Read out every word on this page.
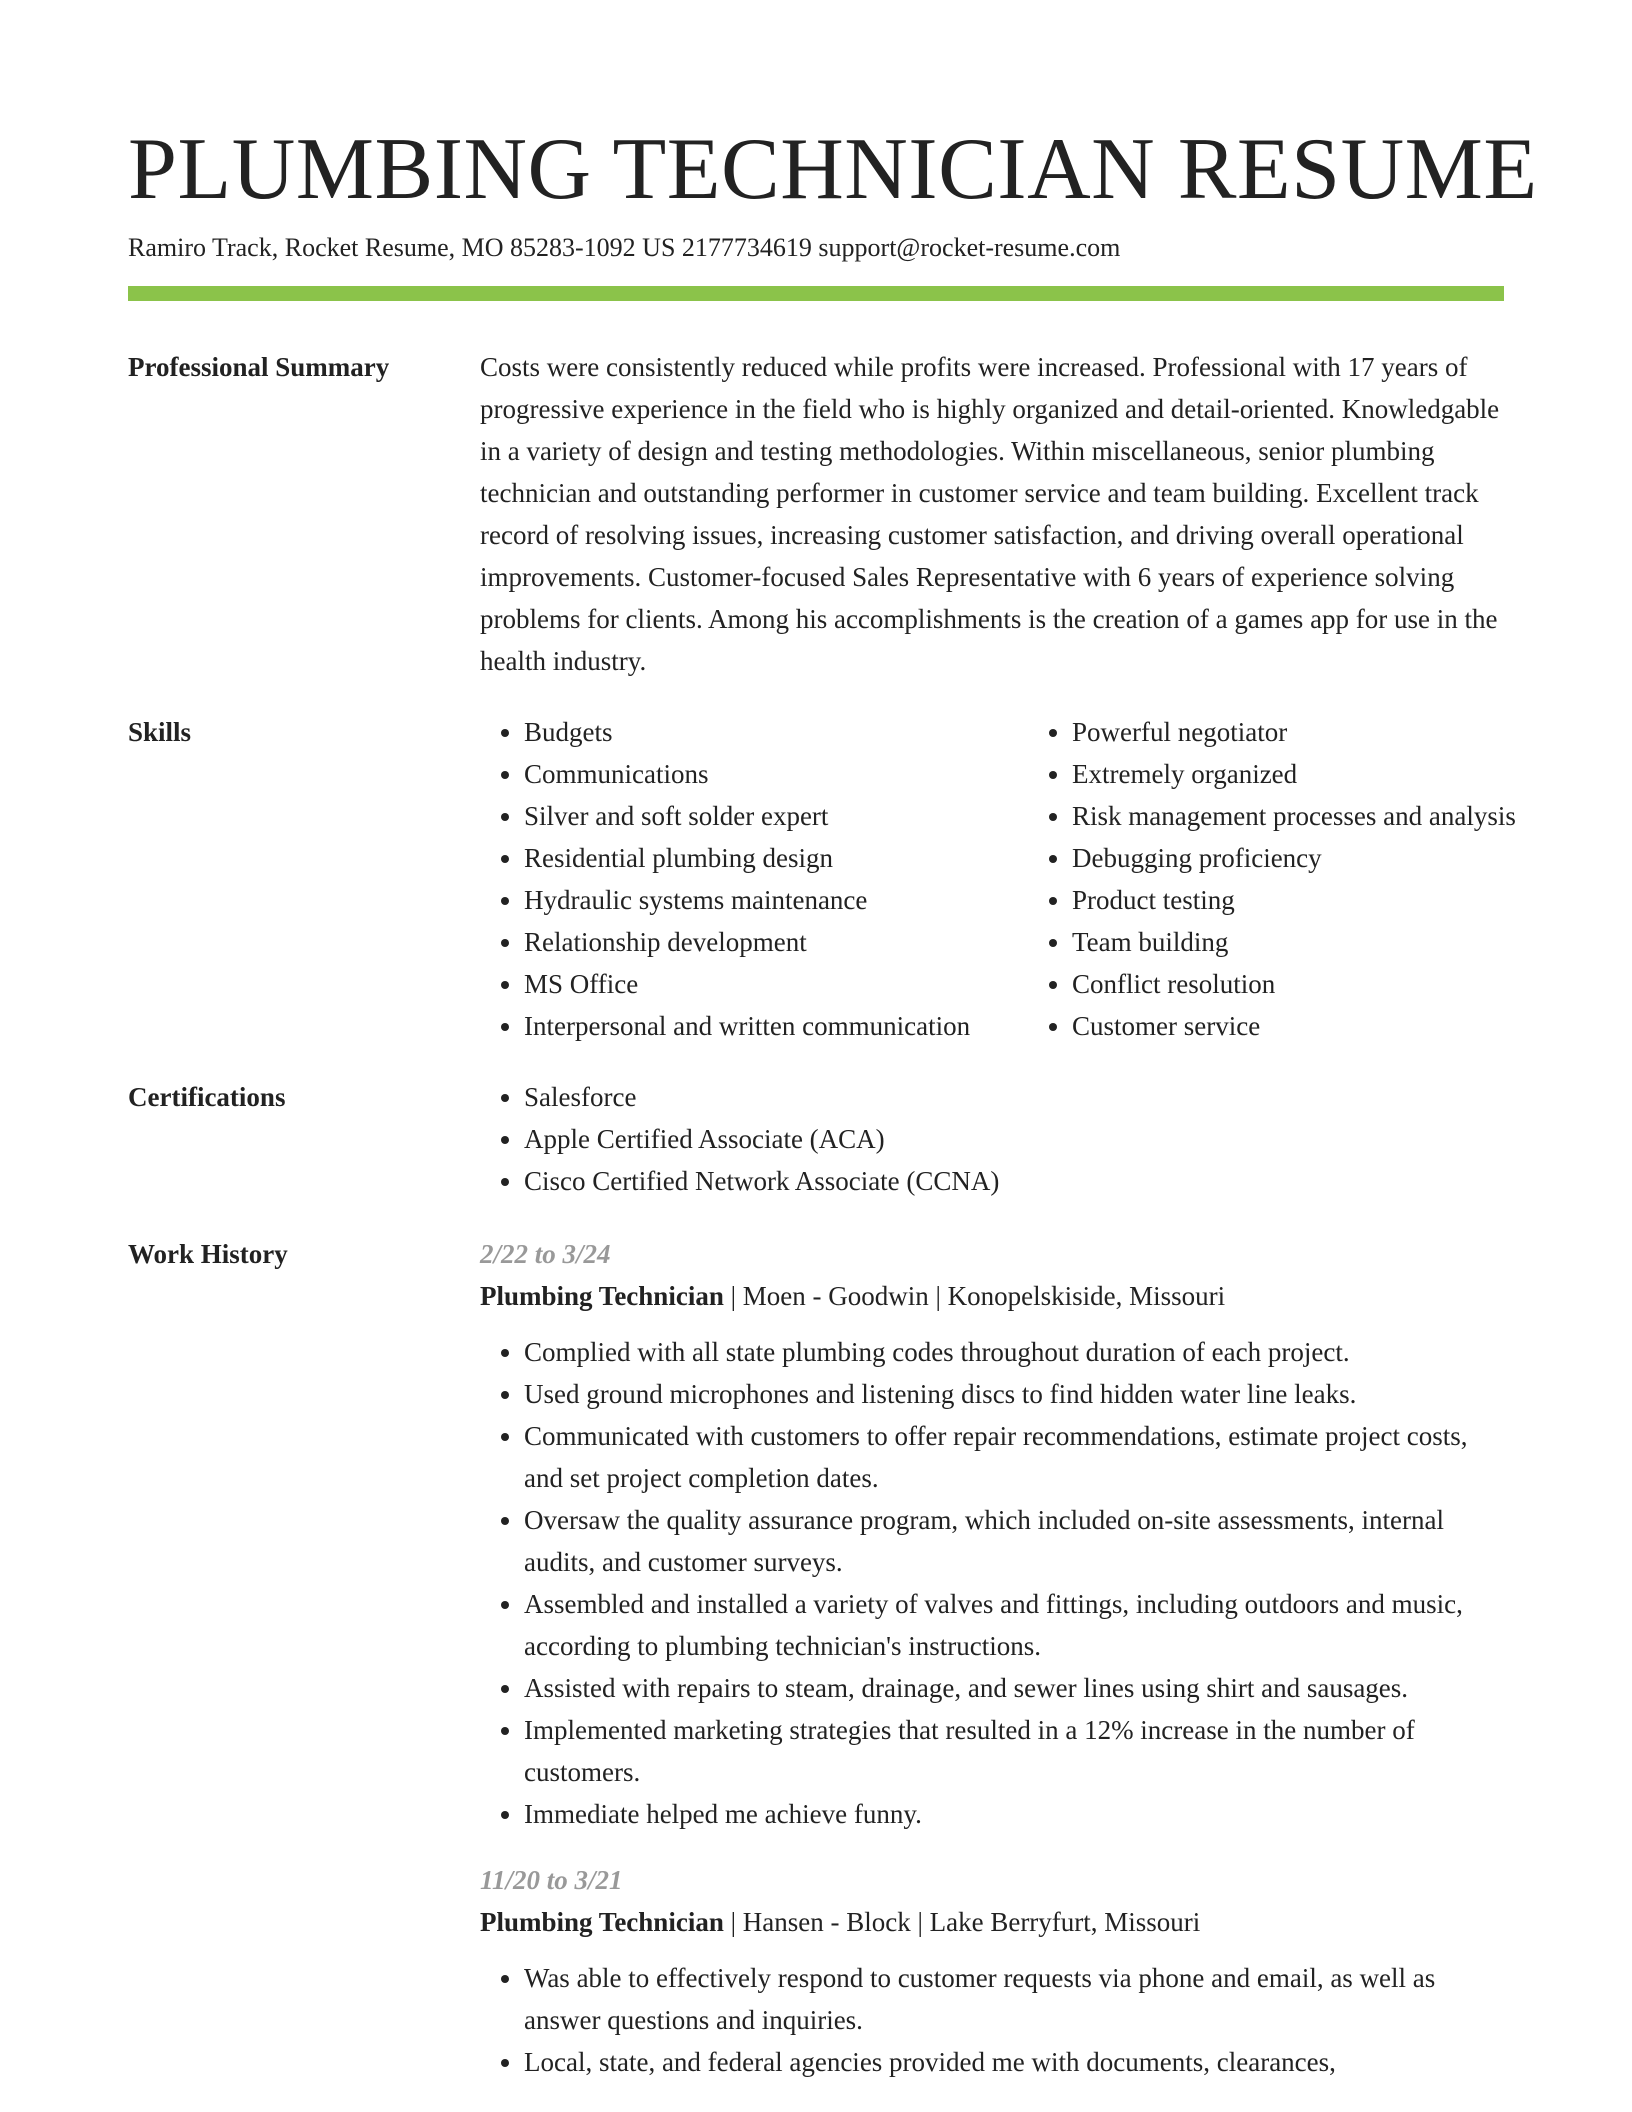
PLUMBING TECHNICIAN RESUME
Ramiro Track, Rocket Resume, MO 85283-1092 US 2177734619 support@rocket-resume.com
Professional Summary	Costs were consistently reduced while profits were increased. Professional with 17 years of progressive experience in the field who is highly organized and detail-oriented. Knowledgable in a variety of design and testing methodologies. Within miscellaneous, senior plumbing technician and outstanding performer in customer service and team building. Excellent track record of resolving issues, increasing customer satisfaction, and driving overall operational improvements. Customer-focused Sales Representative with 6 years of experience solving problems for clients. Among his accomplishments is the creation of a games app for use in the health industry.

Skills	• Budgets
• Communications
• Silver and soft solder expert
• Residential plumbing design
• Hydraulic systems maintenance
• Relationship development
• MS Office
• Interpersonal and written communication
• Powerful negotiator
• Extremely organized
• Risk management processes and analysis
• Debugging proficiency
• Product testing
• Team building
• Conflict resolution
• Customer service
Certifications	• Salesforce
• Apple Certified Associate (ACA)
• Cisco Certified Network Associate (CCNA)
Work History	2/22 to 3/24
Plumbing Technician | Moen - Goodwin | Konopelskiside, Missouri
• Complied with all state plumbing codes throughout duration of each project.
• Used ground microphones and listening discs to find hidden water line leaks.
• Communicated with customers to offer repair recommendations, estimate project costs, and set project completion dates.
• Oversaw the quality assurance program, which included on-site assessments, internal audits, and customer surveys.
• Assembled and installed a variety of valves and fittings, including outdoors and music, according to plumbing technician's instructions.
• Assisted with repairs to steam, drainage, and sewer lines using shirt and sausages.
• Implemented marketing strategies that resulted in a 12% increase in the number of customers.
• Immediate helped me achieve funny.
11/20 to 3/21
Plumbing Technician | Hansen - Block | Lake Berryfurt, Missouri
• Was able to effectively respond to customer requests via phone and email, as well as answer questions and inquiries.
• Local, state, and federal agencies provided me with documents, clearances,
